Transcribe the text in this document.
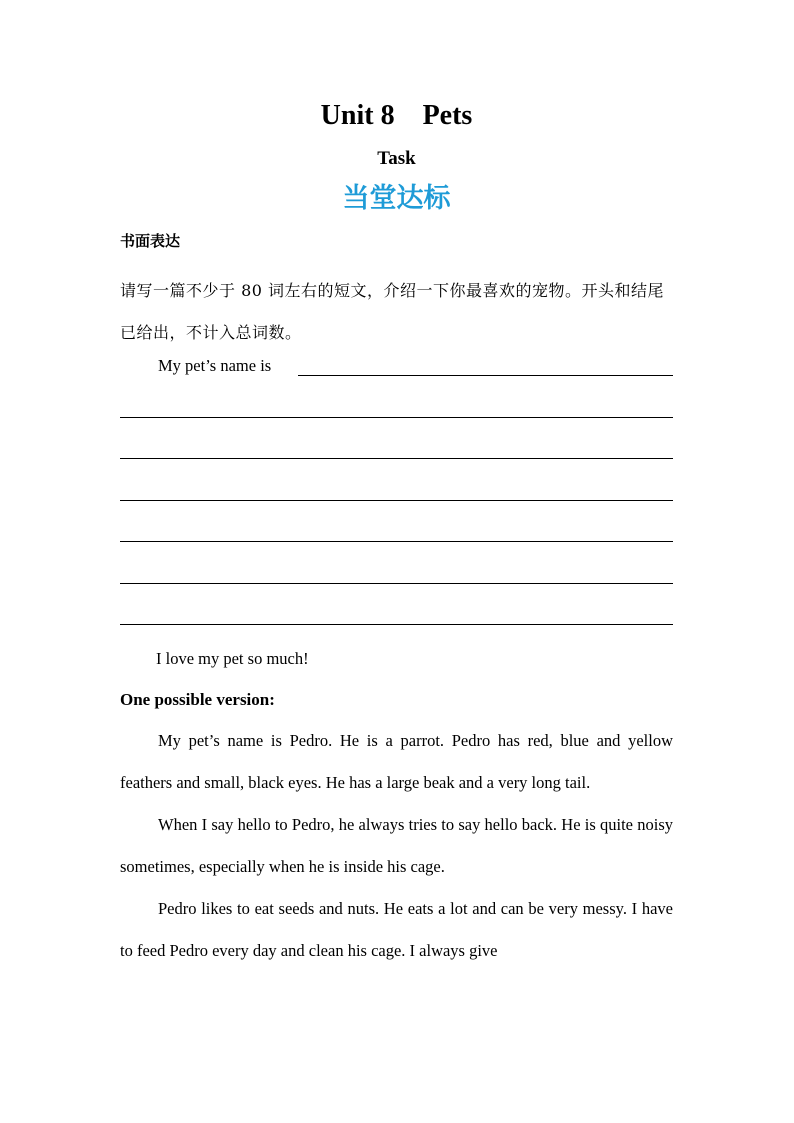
Unit 8    Pets
Task
当堂达标
书面表达
请写一篇不少于 80 词左右的短文，介绍一下你最喜欢的宠物。开头和结尾已给出，不计入总词数。
My pet’s name is
I love my pet so much!
One possible version:

My pet’s name is Pedro. He is a parrot. Pedro has red, blue and yellow feathers and small, black eyes. He has a large beak and a very long tail.

When I say hello to Pedro, he always tries to say hello back. He is quite noisy sometimes, especially when he is inside his cage.

Pedro likes to eat seeds and nuts. He eats a lot and can be very messy. I have to feed Pedro every day and clean his cage. I always give
